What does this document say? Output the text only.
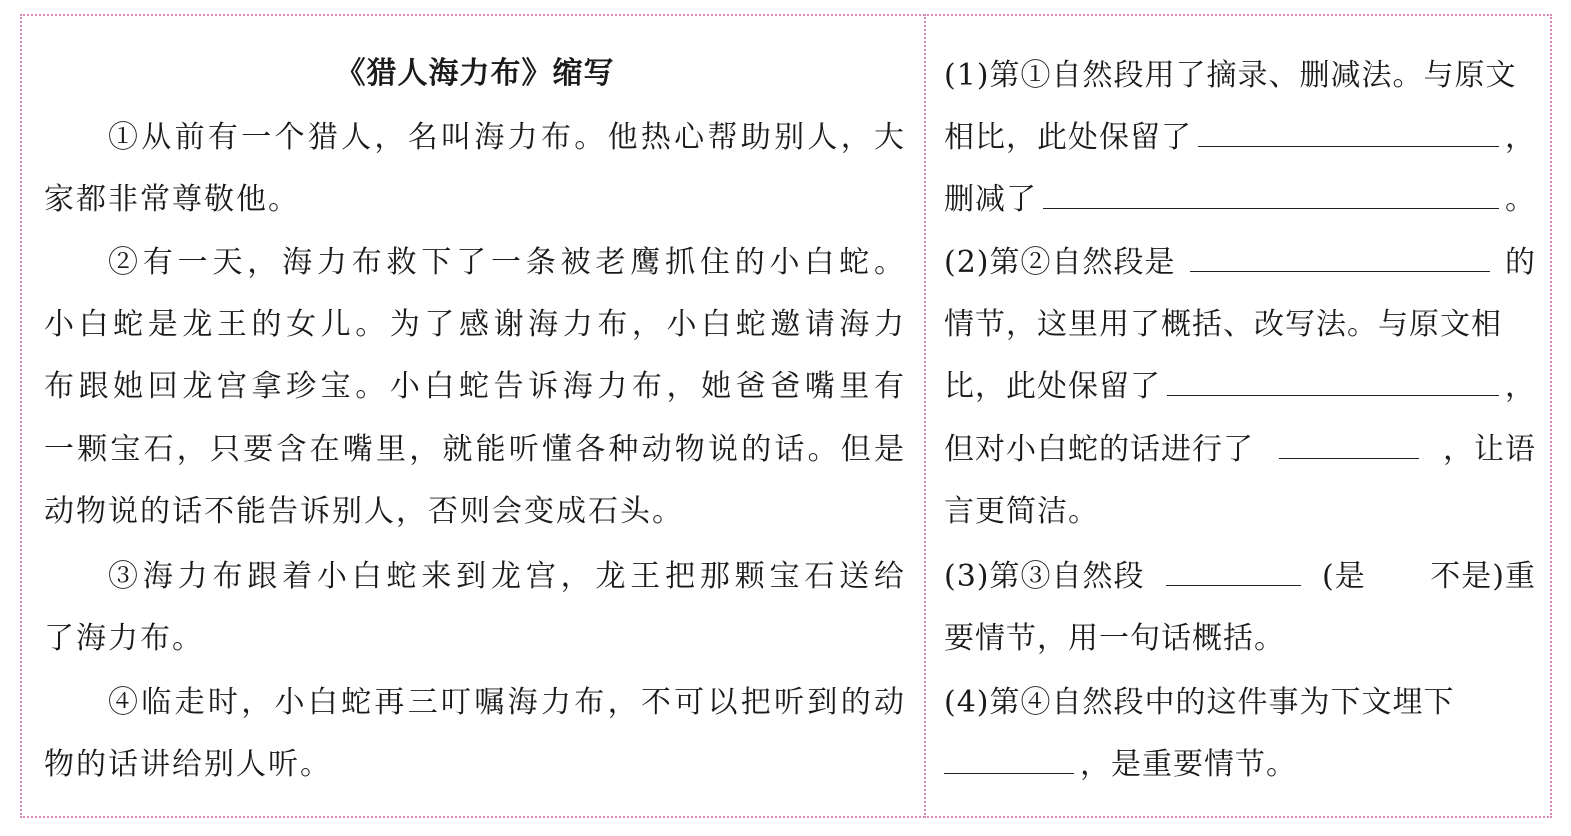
《猎人海力布》缩写
①从前有一个猎人，名叫海力布。他热心帮助别人，大
家都非常尊敬他。
②有一天，海力布救下了一条被老鹰抓住的小白蛇。
小白蛇是龙王的女儿。为了感谢海力布，小白蛇邀请海力
布跟她回龙宫拿珍宝。小白蛇告诉海力布，她爸爸嘴里有
一颗宝石，只要含在嘴里，就能听懂各种动物说的话。但是
动物说的话不能告诉别人，否则会变成石头。
③海力布跟着小白蛇来到龙宫，龙王把那颗宝石送给
了海力布。
④临走时，小白蛇再三叮嘱海力布，不可以把听到的动
物的话讲给别人听。
(1)第①自然段用了摘录、删减法。与原文
相比，此处保留了	，
删减了	。
(2)第②自然段是	的
情节，这里用了概括、改写法。与原文相
比，此处保留了	，
但对小白蛇的话进行了	，让语
言更简洁。
(3)第③自然段	(是 不是)重
要情节，用一句话概括。
(4)第④自然段中的这件事为下文埋下
，是重要情节。
